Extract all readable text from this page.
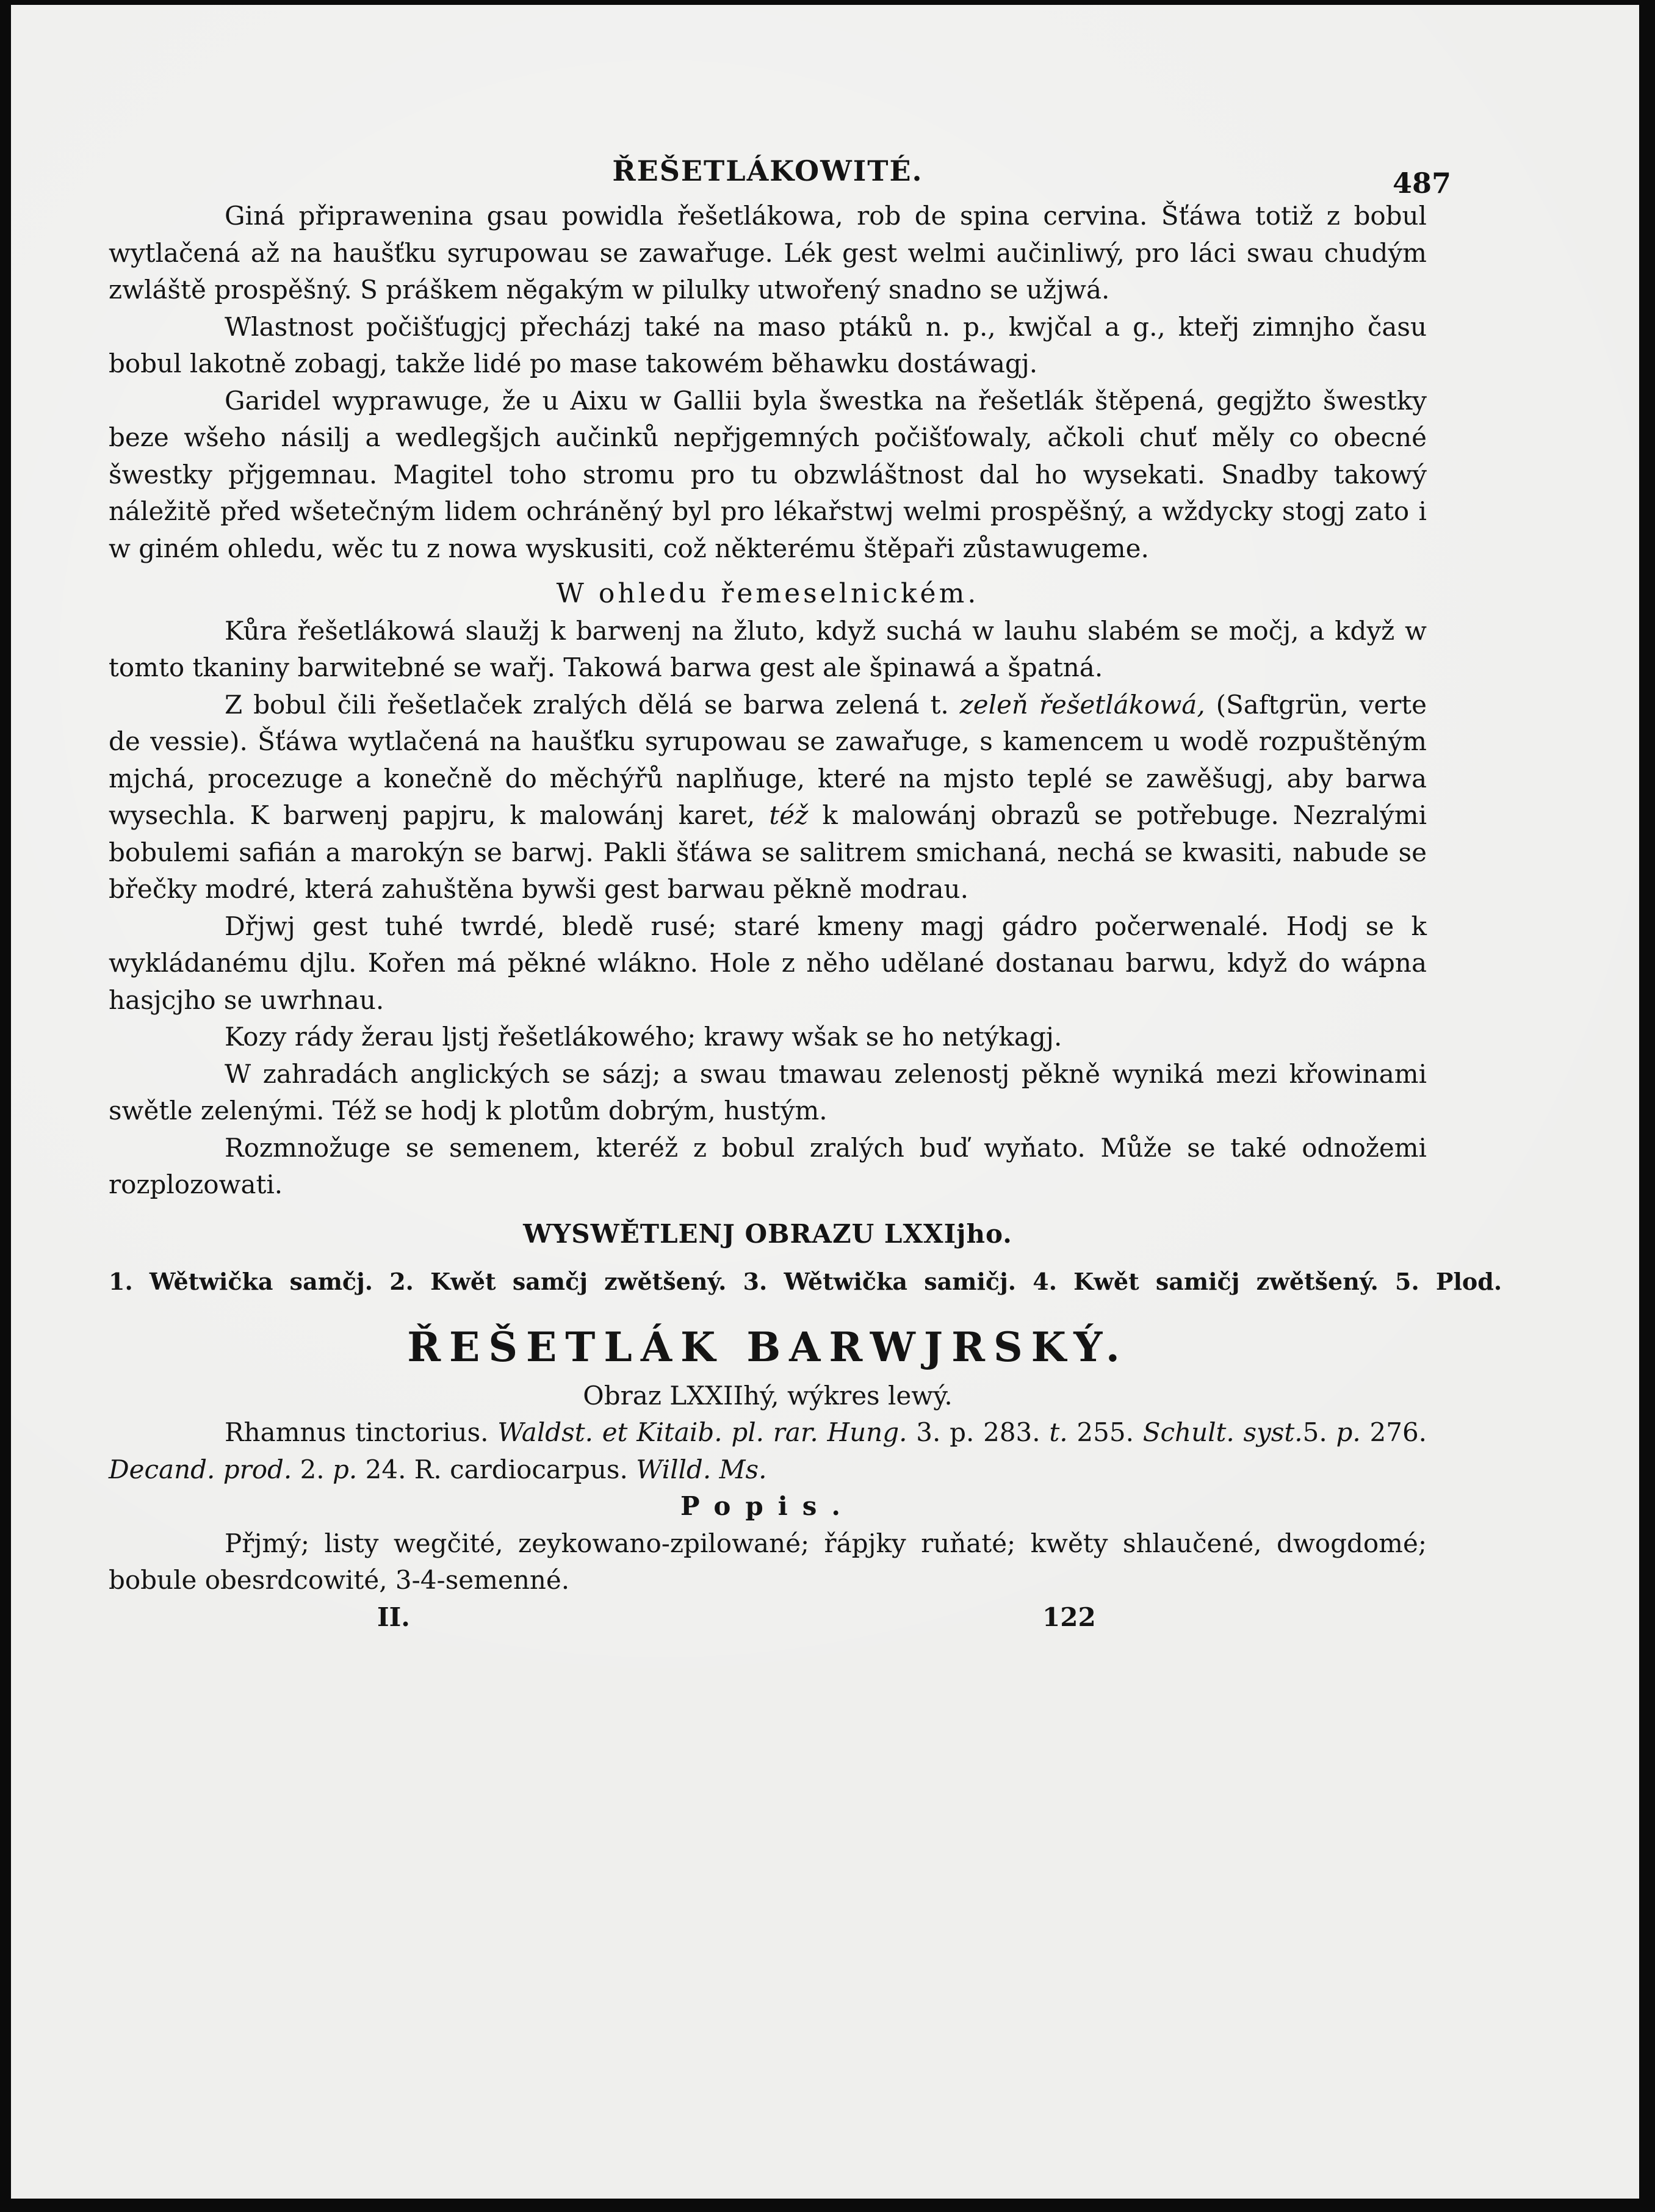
ŘEŠETLÁKOWITÉ.	487

Giná připrawenina gsau powidla řešetlákowa, rob de spina cervina. Šťáwa totiž z bobul wytlačená až na haušťku syrupowau se zawařuge. Lék gest welmi aučinliwý, pro láci swau chudým zwláště prospěšný. S práškem nĕgakým w pilulky utwořený snadno se užjwá.

Wlastnost počišťugjcj přecházj také na maso ptáků n. p., kwjčal a g., kteřj zimnjho času bobul lakotně zobagj, takže lidé po mase takowém běhawku dostáwagj.

Garidel wyprawuge, že u Aixu w Gallii byla šwestka na řešetlák štěpená, gegjžto šwestky beze wšeho násilj a wedlegšjch aučinků nepřjgemných počišťowaly, ačkoli chuť měly co obecné šwestky přjgemnau. Magitel toho stromu pro tu obzwláštnost dal ho wysekati. Snadby takowý náležitě před wšetečným lidem ochráněný byl pro lékařstwj welmi prospěšný, a wždycky stogj zato i w giném ohledu, wěc tu z nowa wyskusiti, což některému štěpaři zůstawugeme.

W ohledu řemeselnickém.

Kůra řešetlákowá slaužj k barwenj na žluto, když suchá w lauhu slabém se močj, a když w tomto tkaniny barwitebné se wařj. Takowá barwa gest ale špinawá a špatná.

Z bobul čili řešetlaček zralých dělá se barwa zelená t. zeleň řešetlákowá, (Saftgrün, verte de vessie). Šťáwa wytlačená na haušťku syrupowau se zawařuge, s kamencem u wodě rozpuštěným mjchá, procezuge a konečně do měchýřů naplňuge, které na mjsto teplé se zawěšugj, aby barwa wysechla. K barwenj papjru, k malowánj karet, též k malowánj obrazů se potřebuge. Nezralými bobulemi safián a marokýn se barwj. Pakli šťáwa se salitrem smichaná, nechá se kwasiti, nabude se břečky modré, která zahuštěna bywši gest barwau pěkně modrau.

Dřjwj gest tuhé twrdé, bledě rusé; staré kmeny magj gádro počerwenalé. Hodj se k wykládanému djlu. Kořen má pěkné wlákno. Hole z něho udělané dostanau barwu, když do wápna hasjcjho se uwrhnau.

Kozy rády žerau ljstj řešetlákowého; krawy wšak se ho netýkagj.

W zahradách anglických se sázj; a swau tmawau zelenostj pěkně wyniká mezi křowinami swětle zelenými. Též se hodj k plotům dobrým, hustým.

Rozmnožuge se semenem, kteréž z bobul zralých buď wyňato. Může se také odnožemi rozplozowati.

WYSWĚTLENJ OBRAZU LXXIjho.
1. Wětwička samčj. 2. Kwět samčj zwětšený. 3. Wětwička samičj. 4. Kwět samičj zwětšený. 5. Plod.
ŘEŠETLÁK BARWJRSKÝ.

Obraz LXXIIhý, wýkres lewý.

Rhamnus tinctorius. Waldst. et Kitaib. pl. rar. Hung. 3. p. 283. t. 255. Schult. syst.5. p. 276. Decand. prod. 2. p. 24. R. cardiocarpus. Willd. Ms.

Popis.

Přjmý; listy wegčité, zeykowano-zpilowané; řápjky ruňaté; kwěty shlaučené, dwogdomé; bobule obesrdcowité, 3-4-semenné.

II.	122
